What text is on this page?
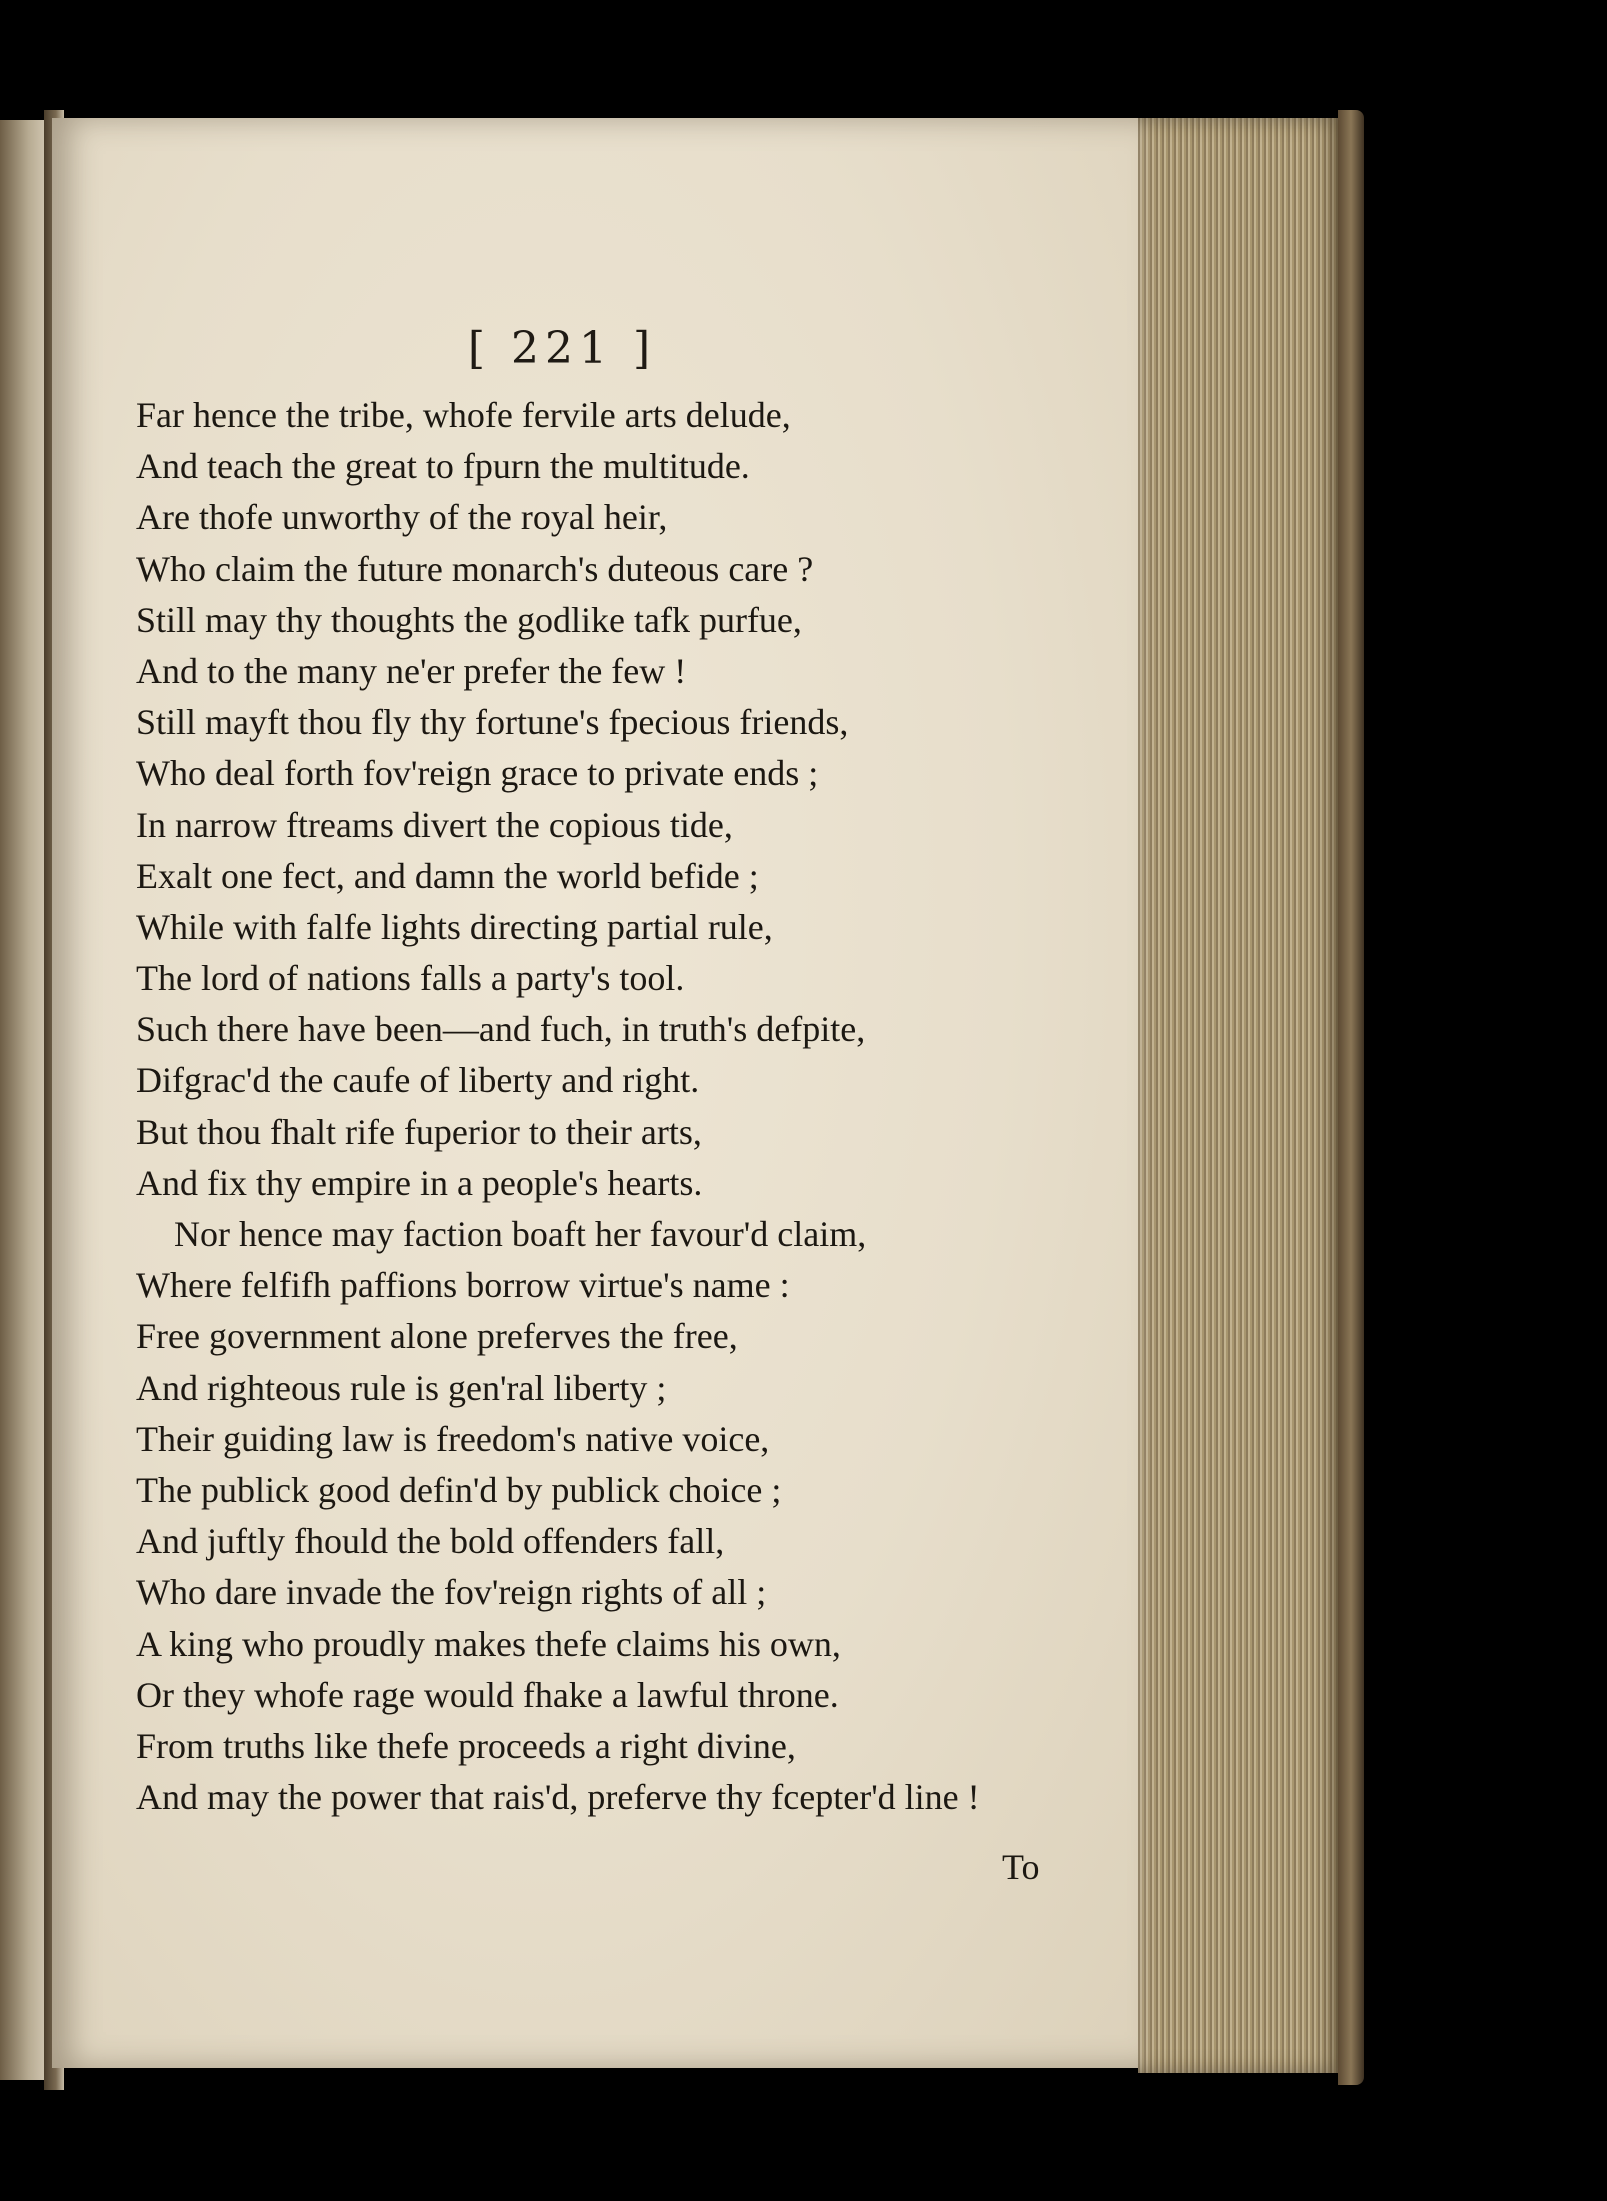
[ 221 ]
Far hence the tribe, whofe fervile arts delude,
And teach the great to fpurn the multitude.
Are thofe unworthy of the royal heir,
Who claim the future monarch's duteous care ?
Still may thy thoughts the godlike tafk purfue,
And to the many ne'er prefer the few !
Still mayft thou fly thy fortune's fpecious friends,
Who deal forth fov'reign grace to private ends ;
In narrow ftreams divert the copious tide,
Exalt one fect, and damn the world befide ;
While with falfe lights directing partial rule,
The lord of nations falls a party's tool.
Such there have been—and fuch, in truth's defpite,
Difgrac'd the caufe of liberty and right.
But thou fhalt rife fuperior to their arts,
And fix thy empire in a people's hearts.
Nor hence may faction boaft her favour'd claim,
Where felfifh paffions borrow virtue's name :
Free government alone preferves the free,
And righteous rule is gen'ral liberty ;
Their guiding law is freedom's native voice,
The publick good defin'd by publick choice ;
And juftly fhould the bold offenders fall,
Who dare invade the fov'reign rights of all ;
A king who proudly makes thefe claims his own,
Or they whofe rage would fhake a lawful throne.
From truths like thefe proceeds a right divine,
And may the power that rais'd, preferve thy fcepter'd line !
To
